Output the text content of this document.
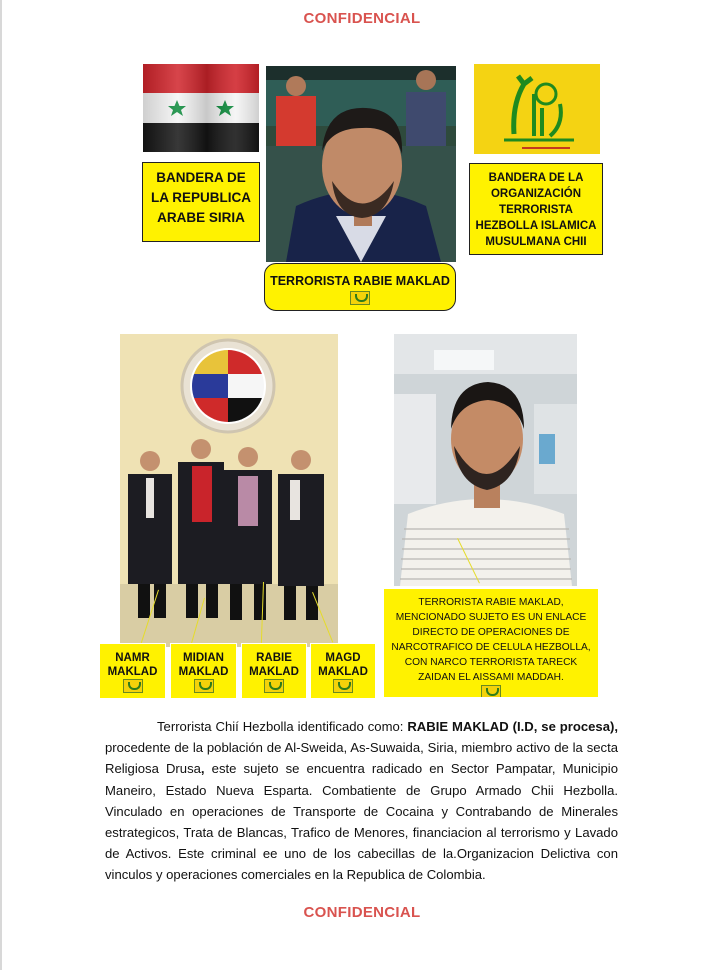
CONFIDENCIAL
BANDERA DE LA REPUBLICA ARABE SIRIA
TERRORISTA RABIE MAKLAD
BANDERA DE LA ORGANIZACIÓN TERRORISTA HEZBOLLA ISLAMICA MUSULMANA CHII
NAMR
MAKLAD
MIDIAN
MAKLAD
RABIE
MAKLAD
MAGD
MAKLAD
TERRORISTA RABIE MAKLAD, MENCIONADO SUJETO ES UN ENLACE DIRECTO DE OPERACIONES DE NARCOTRAFICO DE CELULA HEZBOLLA, CON NARCO TERRORISTA TARECK ZAIDAN EL AISSAMI MADDAH.

Terrorista Chií Hezbolla identificado como: RABIE MAKLAD (I.D, se procesa), procedente de la población de Al-Sweida, As-Suwaida, Siria, miembro activo de la secta Religiosa Drusa, este sujeto se encuentra radicado en Sector Pampatar, Municipio Maneiro, Estado Nueva Esparta. Combatiente de Grupo Armado Chii Hezbolla. Vinculado en operaciones de Transporte de Cocaina y Contrabando de Minerales estrategicos, Trata de Blancas, Trafico de Menores, financiacion al terrorismo y Lavado de Activos. Este criminal ee uno de los cabecillas de la.Organizacion Delictiva con vinculos y operaciones comerciales en la Republica de Colombia.

CONFIDENCIAL
